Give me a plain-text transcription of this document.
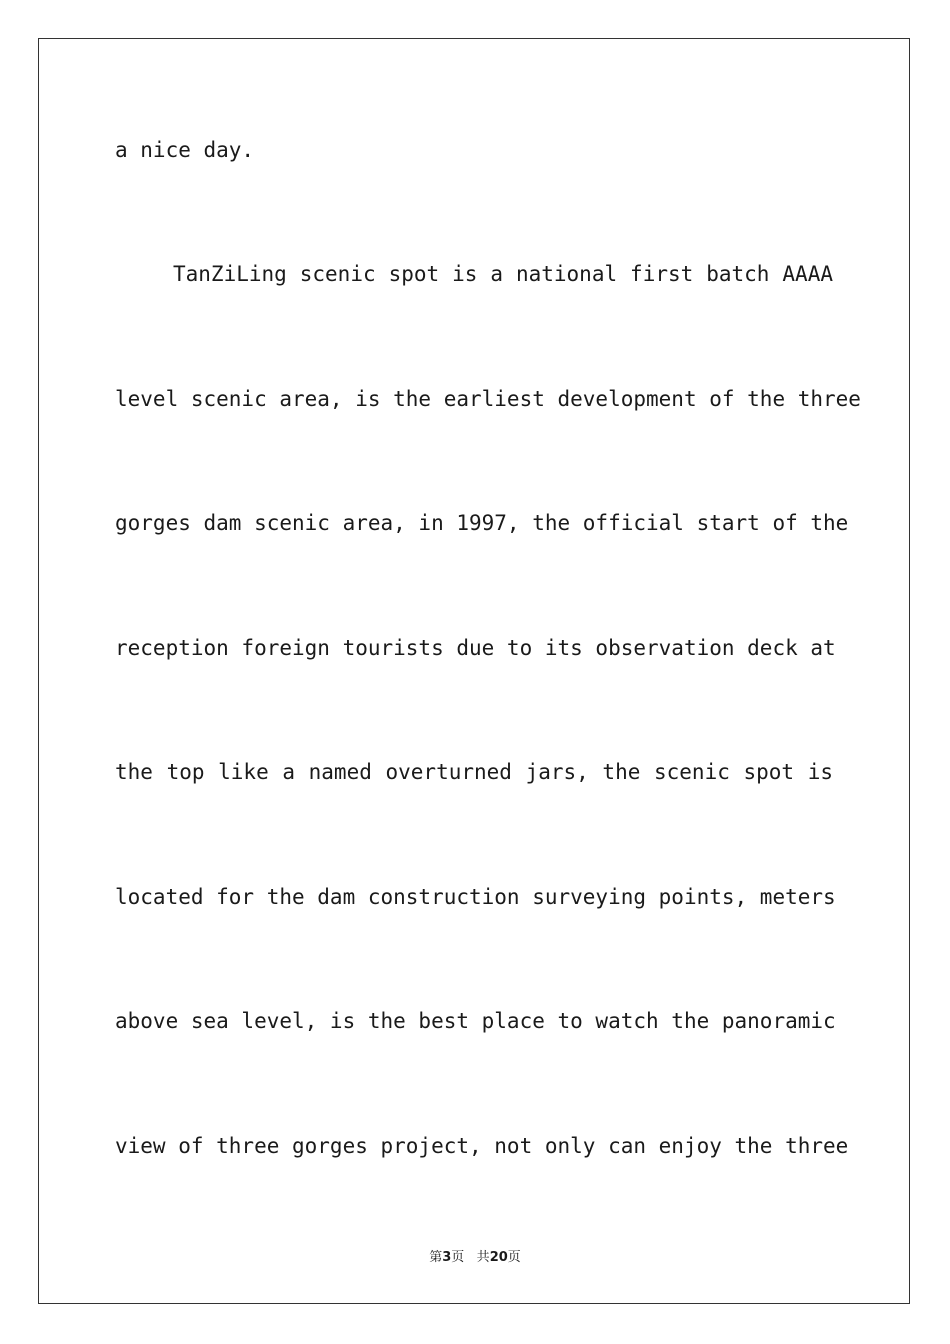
a nice day.
TanZiLing scenic spot is a national first batch AAAA
level scenic area, is the earliest development of the three
gorges dam scenic area, in 1997, the official start of the
reception foreign tourists due to its observation deck at
the top like a named overturned jars, the scenic spot is
located for the dam construction surveying points, meters
above sea level, is the best place to watch the panoramic
view of three gorges project, not only can enjoy the three
第3页 共20页
